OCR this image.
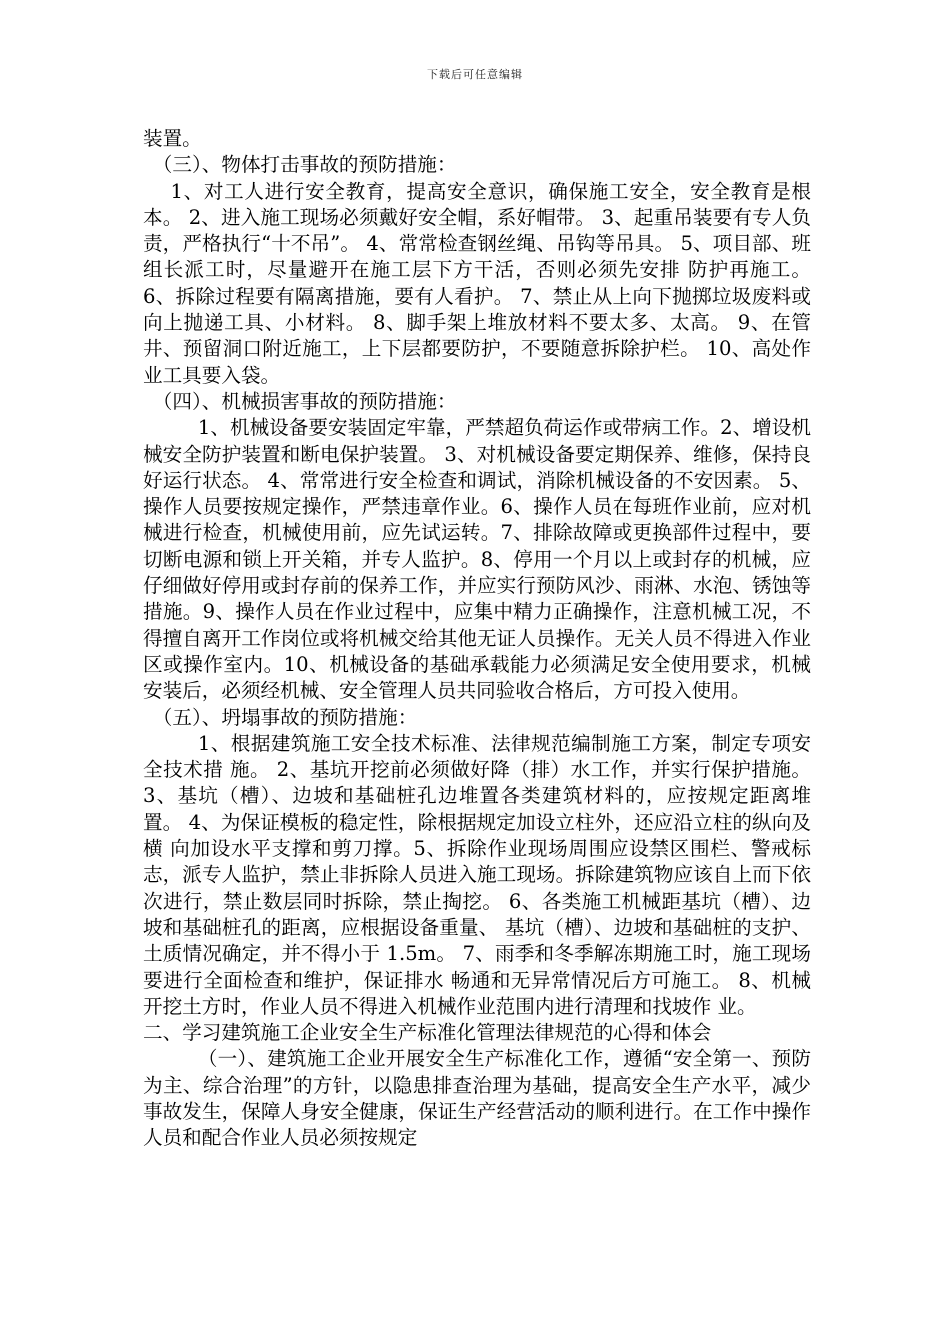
下载后可任意编辑

装置。

（三）、物体打击事故的预防措施：

1、对工人进行安全教育，提高安全意识，确保施工安全，安全教育是根本。 2、进入施工现场必须戴好安全帽，系好帽带。 3、起重吊装要有专人负责，严格执行“十不吊”。 4、常常检查钢丝绳、吊钩等吊具。 5、项目部、班组长派工时，尽量避开在施工层下方干活，否则必须先安排 防护再施工。 6、拆除过程要有隔离措施，要有人看护。 7、禁止从上向下抛掷垃圾废料或向上抛递工具、小材料。 8、脚手架上堆放材料不要太多、太高。 9、在管井、预留洞口附近施工，上下层都要防护，不要随意拆除护栏。 10、高处作业工具要入袋。

（四）、机械损害事故的预防措施：

1、机械设备要安装固定牢靠，严禁超负荷运作或带病工作。2、增设机械安全防护装置和断电保护装置。 3、对机械设备要定期保养、维修，保持良好运行状态。 4、常常进行安全检查和调试，消除机械设备的不安因素。 5、操作人员要按规定操作，严禁违章作业。6、操作人员在每班作业前，应对机械进行检查，机械使用前，应先试运转。7、排除故障或更换部件过程中，要切断电源和锁上开关箱，并专人监护。8、停用一个月以上或封存的机械，应仔细做好停用或封存前的保养工作，并应实行预防风沙、雨淋、水泡、锈蚀等措施。9、操作人员在作业过程中，应集中精力正确操作，注意机械工况，不得擅自离开工作岗位或将机械交给其他无证人员操作。无关人员不得进入作业区或操作室内。10、机械设备的基础承载能力必须满足安全使用要求，机械安装后，必须经机械、安全管理人员共同验收合格后，方可投入使用。

（五）、坍塌事故的预防措施：

1、根据建筑施工安全技术标准、法律规范编制施工方案，制定专项安全技术措 施。 2、基坑开挖前必须做好降（排）水工作，并实行保护措施。 3、基坑（槽）、边坡和基础桩孔边堆置各类建筑材料的，应按规定距离堆置。 4、为保证模板的稳定性，除根据规定加设立柱外，还应沿立柱的纵向及横 向加设水平支撑和剪刀撑。5、拆除作业现场周围应设禁区围栏、警戒标志，派专人监护，禁止非拆除人员进入施工现场。拆除建筑物应该自上而下依次进行，禁止数层同时拆除，禁止掏挖。 6、各类施工机械距基坑（槽）、边坡和基础桩孔的距离，应根据设备重量、 基坑（槽）、边坡和基础桩的支护、土质情况确定，并不得小于 1.5m。 7、雨季和冬季解冻期施工时，施工现场要进行全面检查和维护，保证排水 畅通和无异常情况后方可施工。 8、机械开挖土方时，作业人员不得进入机械作业范围内进行清理和找坡作 业。

二、学习建筑施工企业安全生产标准化管理法律规范的心得和体会

（一）、建筑施工企业开展安全生产标准化工作，遵循“安全第一、预防为主、综合治理”的方针，以隐患排查治理为基础，提高安全生产水平，减少事故发生，保障人身安全健康，保证生产经营活动的顺利进行。在工作中操作人员和配合作业人员必须按规定
